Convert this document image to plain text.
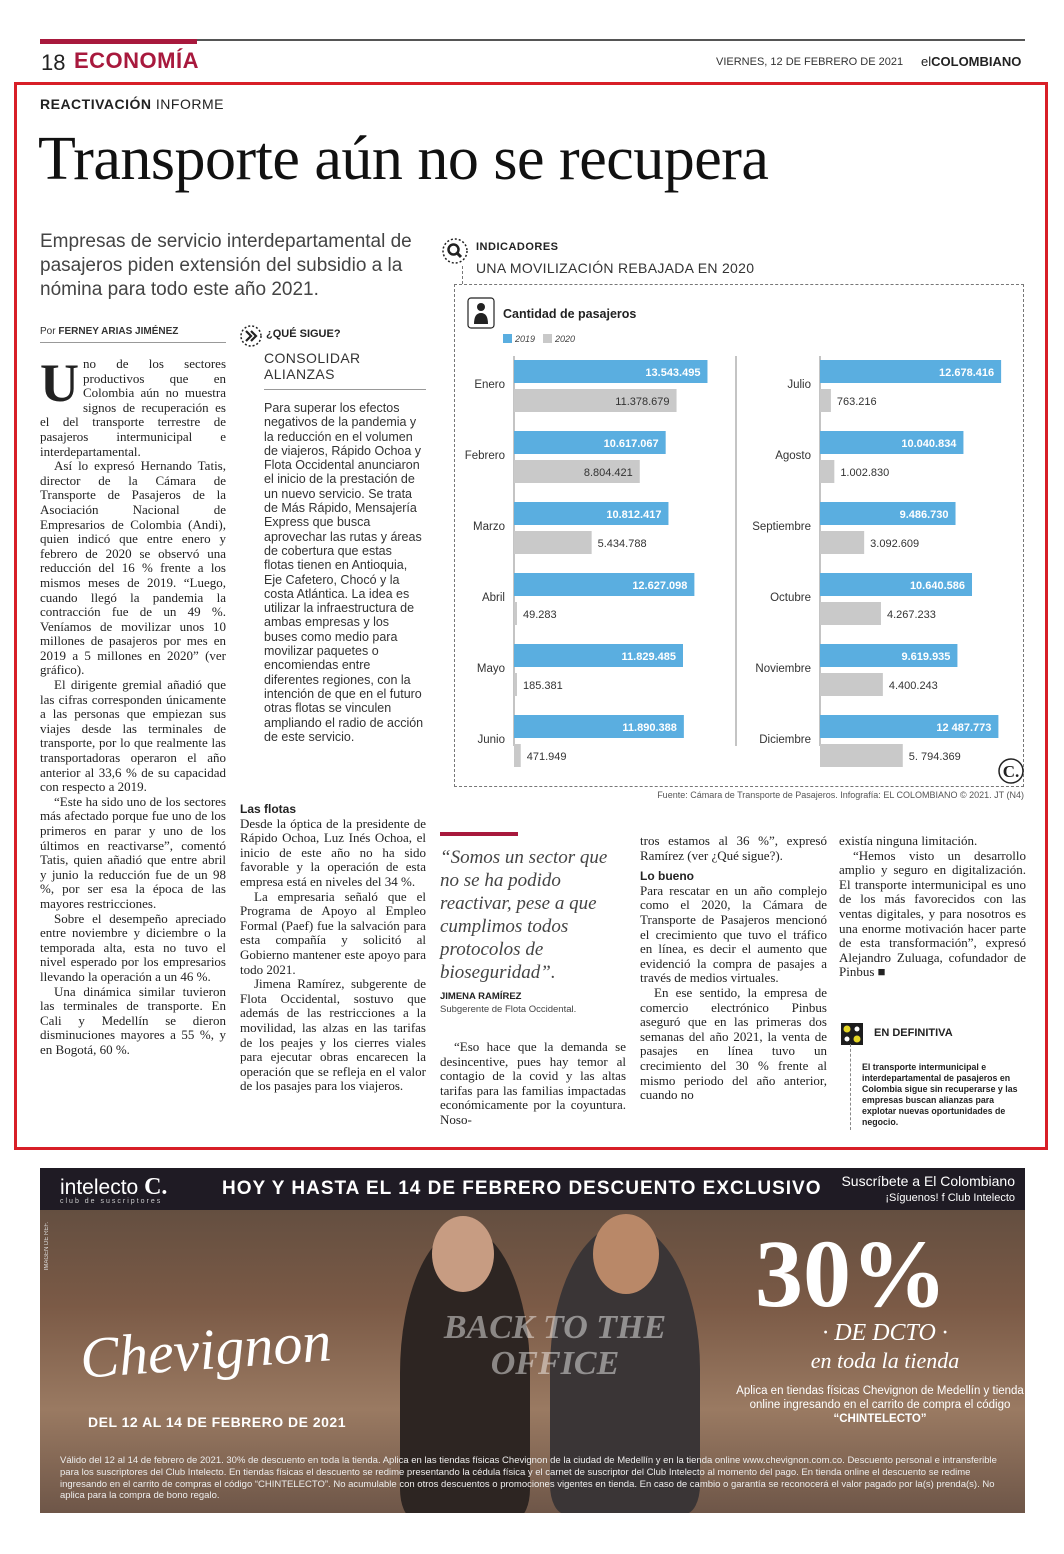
18 ECONOMÍA	VIERNES, 12 DE FEBRERO DE 2021 elCOLOMBIANO
REACTIVACIÓN INFORME
Transporte aún no se recupera
Empresas de servicio interdepartamental de pasajeros piden extensión del subsidio a la nómina para todo este año 2021.
Por FERNEY ARIAS JIMÉNEZ

Uno de los sectores productivos que en Colombia aún no muestra signos de recuperación es el del transporte terrestre de pasajeros intermunicipal e interdepartamental.

Así lo expresó Hernando Tatis, director de la Cámara de Transporte de Pasajeros de la Asociación Nacional de Empresarios de Colombia (Andi), quien indicó que entre enero y febrero de 2020 se observó una reducción del 16 % frente a los mismos meses de 2019. “Luego, cuando llegó la pandemia la contracción fue de un 49 %. Veníamos de movilizar unos 10 millones de pasajeros por mes en 2019 a 5 millones en 2020” (ver gráfico).

El dirigente gremial añadió que las cifras corresponden únicamente a las personas que empiezan sus viajes desde las terminales de transporte, por lo que realmente las transportadoras operaron el año anterior al 33,6 % de su capacidad con respecto a 2019.

“Este ha sido uno de los sectores más afectado porque fue uno de los primeros en parar y uno de los últimos en reactivarse”, comentó Tatis, quien añadió que entre abril y junio la reducción fue de un 98 %, por ser esa la época de las mayores restricciones.

Sobre el desempeño apreciado entre noviembre y diciembre o la temporada alta, esta no tuvo el nivel esperado por los empresarios llevando la operación a un 46 %.

Una dinámica similar tuvieron las terminales de transporte. En Cali y Medellín se dieron disminuciones mayores a 55 %, y en Bogotá, 60 %.

¿QUÉ SIGUE?
CONSOLIDAR ALIANZAS
Para superar los efectos negativos de la pandemia y la reducción en el volumen de viajeros, Rápido Ochoa y Flota Occidental anunciaron el inicio de la prestación de un nuevo servicio. Se trata de Más Rápido, Mensajería Express que busca aprovechar las rutas y áreas de cobertura que estas flotas tienen en Antioquia, Eje Cafetero, Chocó y la costa Atlántica. La idea es utilizar la infraestructura de ambas empresas y los buses como medio para movilizar paquetes o encomiendas entre diferentes regiones, con la intención de que en el futuro otras flotas se vinculen ampliando el radio de acción de este servicio.
Las flotas

Desde la óptica de la presidente de Rápido Ochoa, Luz Inés Ochoa, el inicio de este año no ha sido favorable y la operación de esta empresa está en niveles del 34 %.

La empresaria señaló que el Programa de Apoyo al Empleo Formal (Paef) fue la salvación para esta compañía y solicitó al Gobierno mantener este apoyo para todo 2021.

Jimena Ramírez, subgerente de Flota Occidental, sostuvo que además de las restricciones a la movilidad, las alzas en las tarifas de los peajes y los cierres viales para ejecutar obras encarecen la operación que se refleja en el valor de los pasajes para los viajeros.

“Somos un sector que no se ha podido reactivar, pese a que cumplimos todos protocolos de bioseguridad”.
JIMENA RAMÍREZ
Subgerente de Flota Occidental.

“Eso hace que la demanda se desincentive, pues hay temor al contagio de la covid y las altas tarifas para las familias impactadas económicamente por la coyuntura. Noso-

tros estamos al 36 %”, expresó Ramírez (ver ¿Qué sigue?).

Lo bueno

Para rescatar en un año complejo como el 2020, la Cámara de Transporte de Pasajeros mencionó el crecimiento que tuvo el tráfico en línea, es decir el aumento que evidenció la compra de pasajes a través de medios virtuales.

En ese sentido, la empresa de comercio electrónico Pinbus aseguró que en las primeras dos semanas del año 2021, la venta de pasajes en línea tuvo un crecimiento del 30 % frente al mismo periodo del año anterior, cuando no

existía ninguna limitación.

“Hemos visto un desarrollo amplio y seguro en digitalización. El transporte intermunicipal es uno de los más favorecidos con las ventas digitales, y para nosotros es una enorme motivación hacer parte de esta transformación”, expresó Alejandro Zuluaga, cofundador de Pinbus ■

EN DEFINITIVA
El transporte intermunicipal e interdepartamental de pasajeros en Colombia sigue sin recuperarse y las empresas buscan alianzas para explotar nuevas oportunidades de negocio.
INDICADORES
UNA MOVILIZACIÓN REBAJADA EN 2020
Cantidad de pasajeros
2019 2020
Enero
13.543.495
11.378.679
Febrero
10.617.067
8.804.421
Marzo
10.812.417
5.434.788
Abril
12.627.098
49.283
Mayo
11.829.485
185.381
Junio
11.890.388
471.949
Julio
12.678.416
763.216
Agosto
10.040.834
1.002.830
Septiembre
9.486.730
3.092.609
Octubre
10.640.586
4.267.233
Noviembre
9.619.935
4.400.243
Diciembre
12 487.773
5. 794.369
C.
Fuente: Cámara de Transporte de Pasajeros. Infografía: EL COLOMBIANO © 2021. JT (N4)
intelecto C.
club de suscriptores
HOY Y HASTA EL 14 DE FEBRERO DESCUENTO EXCLUSIVO	Suscríbete a El Colombiano
¡Síguenos! f Club Intelecto
BACK TO THE OFFICE
IMAGEN DE REF.
Chevignon
DEL 12 AL 14 DE FEBRERO DE 2021
30%
· DE DCTO ·
en toda la tienda
Aplica en tiendas físicas Chevignon de Medellín y tienda online ingresando en el carrito de compra el código “CHINTELECTO”
Válido del 12 al 14 de febrero de 2021. 30% de descuento en toda la tienda. Aplica en las tiendas físicas Chevignon de la ciudad de Medellín y en la tienda online www.chevignon.com.co. Descuento personal e intransferible para los suscriptores del Club Intelecto. En tiendas físicas el descuento se redime presentando la cédula física y el carnet de suscriptor del Club Intelecto al momento del pago. En tienda online el descuento se redime ingresando en el carrito de compras el código “CHINTELECTO”. No acumulable con otros descuentos o promociones vigentes en tienda. En caso de cambio o garantía se reconocerá el valor pagado por la(s) prenda(s). No aplica para la compra de bono regalo.
